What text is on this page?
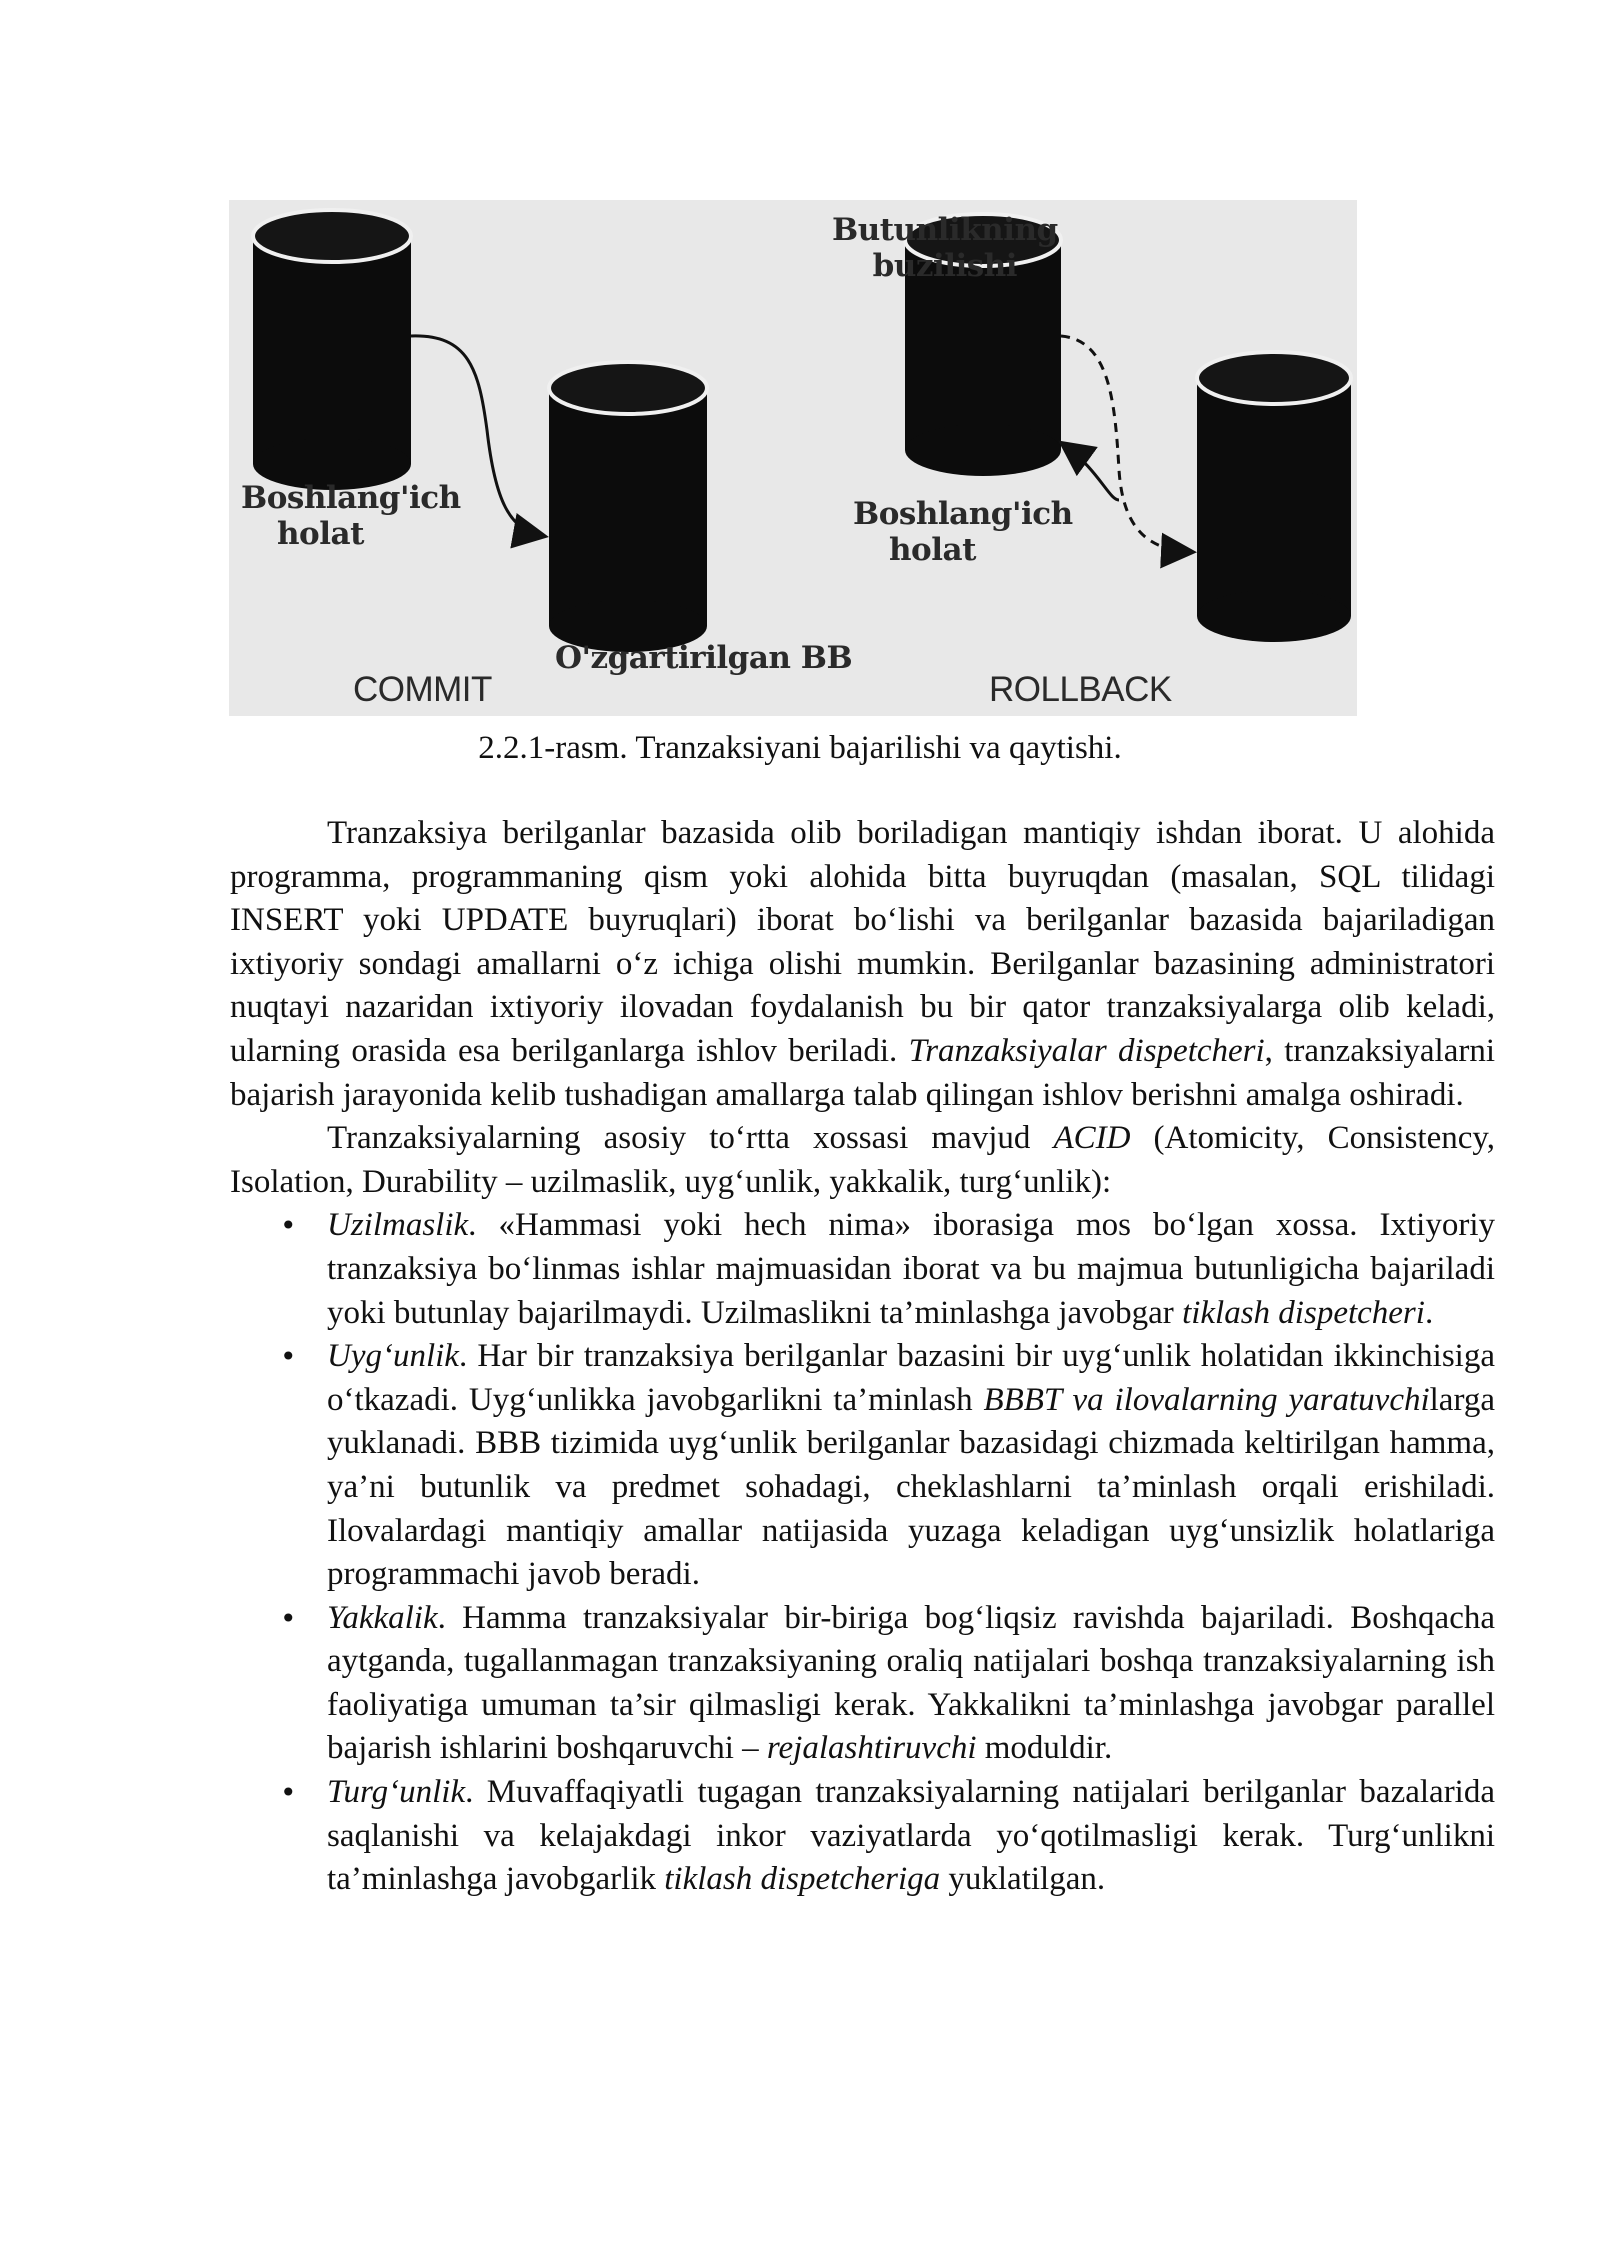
Butunlikning
buzilishi
Boshlang'ich
holat
Boshlang'ich
holat
O'zgartirilgan BB
COMMIT	ROLLBACK
2.2.1-rasm. Tranzaksiyani bajarilishi va qaytishi.

Tranzaksiya berilganlar bazasida olib boriladigan mantiqiy ishdan iborat. U alohida programma, programmaning qism yoki alohida bitta buyruqdan (masalan, SQL tilidagi INSERT yoki UPDATE buyruqlari) iborat bo‘lishi va berilganlar bazasida bajariladigan ixtiyoriy sondagi amallarni o‘z ichiga olishi mumkin. Berilganlar bazasining administratori nuqtayi nazaridan ixtiyoriy ilovadan foydalanish bu bir qator tranzaksiyalarga olib keladi, ularning orasida esa berilganlarga ishlov beriladi. Tranzaksiyalar dispetcheri, tranzaksiyalarni bajarish jarayonida kelib tushadigan amallarga talab qilingan ishlov berishni amalga oshiradi.

Tranzaksiyalarning asosiy to‘rtta xossasi mavjud ACID (Atomicity, Consistency, Isolation, Durability – uzilmaslik, uyg‘unlik, yakkalik, turg‘unlik):

• Uzilmaslik. «Hammasi yoki hech nima» iborasiga mos bo‘lgan xossa. Ixtiyoriy tranzaksiya bo‘linmas ishlar majmuasidan iborat va bu majmua butunligicha bajariladi yoki butunlay bajarilmaydi. Uzilmaslikni ta’minlashga javobgar tiklash dispetcheri.
• Uyg‘unlik. Har bir tranzaksiya berilganlar bazasini bir uyg‘unlik holatidan ikkinchisiga o‘tkazadi. Uyg‘unlikka javobgarlikni ta’minlash BBBT va ilovalarning yaratuvchilarga yuklanadi. BBB tizimida uyg‘unlik berilganlar bazasidagi chizmada keltirilgan hamma, ya’ni butunlik va predmet sohadagi, cheklashlarni ta’minlash orqali erishiladi. Ilovalardagi mantiqiy amallar natijasida yuzaga keladigan uyg‘unsizlik holatlariga programmachi javob beradi.
• Yakkalik. Hamma tranzaksiyalar bir-biriga bog‘liqsiz ravishda bajariladi. Boshqacha aytganda, tugallanmagan tranzaksiyaning oraliq natijalari boshqa tranzaksiyalarning ish faoliyatiga umuman ta’sir qilmasligi kerak. Yakkalikni ta’minlashga javobgar parallel bajarish ishlarini boshqaruvchi – rejalashtiruvchi moduldir.
• Turg‘unlik. Muvaffaqiyatli tugagan tranzaksiyalarning natijalari berilganlar bazalarida saqlanishi va kelajakdagi inkor vaziyatlarda yo‘qotilmasligi kerak. Turg‘unlikni ta’minlashga javobgarlik tiklash dispetcheriga yuklatilgan.
